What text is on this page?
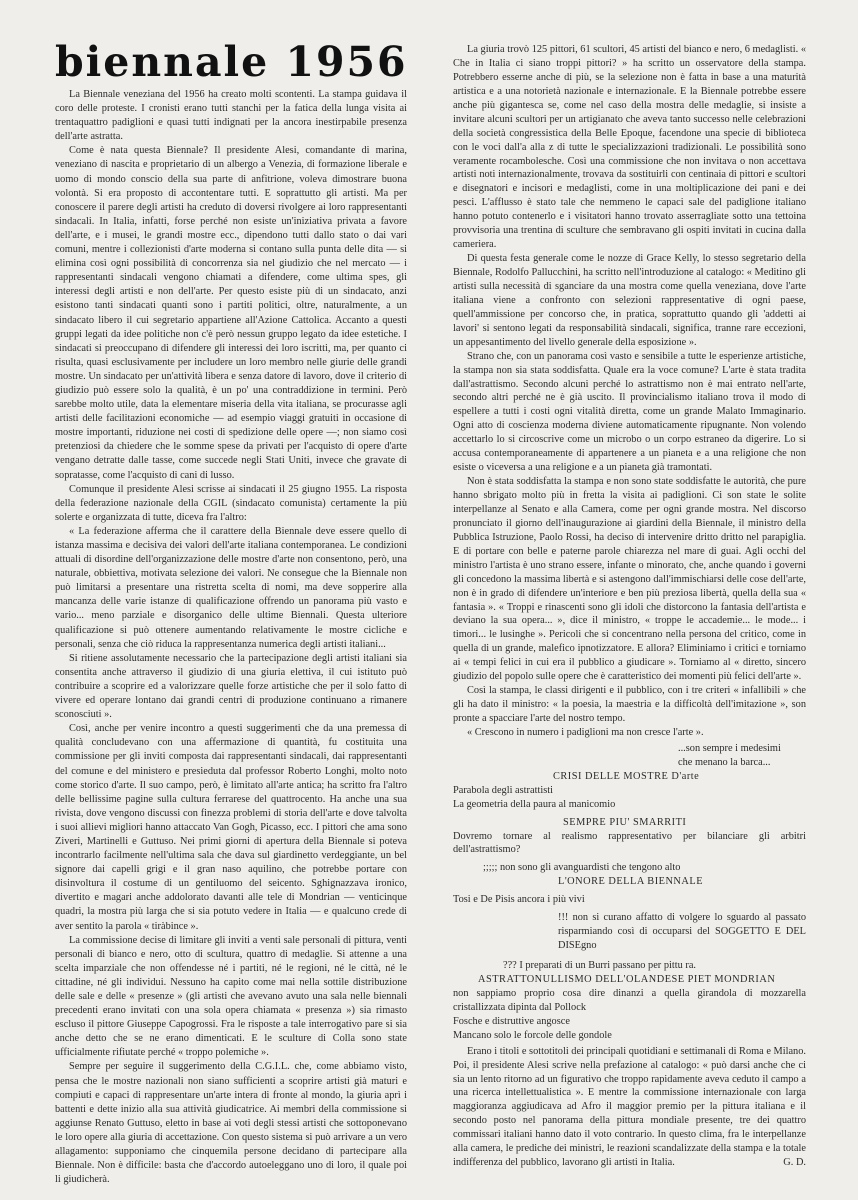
biennale 1956

La Biennale veneziana del 1956 ha creato molti scontenti. La stampa guidava il coro delle proteste. I cronisti erano tutti stanchi per la fatica della lunga visita ai trentaquattro padiglioni e quasi tutti indignati per la ancora inestirpabile presenza dell'arte astratta.

Come è nata questa Biennale? Il presidente Alesi, comandante di marina, veneziano di nascita e proprietario di un albergo a Venezia, di formazione liberale e uomo di mondo conscio della sua parte di anfitrione, voleva dimostrare buona volontà. Si era proposto di accontentare tutti. E soprattutto gli artisti. Ma per conoscere il parere degli artisti ha creduto di doversi rivolgere ai loro rappresentanti sindacali. In Italia, infatti, forse perché non esiste un'iniziativa privata a favore dell'arte, e i musei, le grandi mostre ecc., dipendono tutti dallo stato o dai vari comuni, mentre i collezionisti d'arte moderna si contano sulla punta delle dita — si elimina così ogni possibilità di concorrenza sia nel giudizio che nel mercato — i rappresentanti sindacali vengono chiamati a difendere, come ultima spes, gli interessi degli artisti e non dell'arte. Per questo esiste più di un sindacato, anzi esistono tanti sindacati quanti sono i partiti politici, oltre, naturalmente, a un sindacato libero il cui segretario appartiene all'Azione Cattolica. Accanto a questi gruppi legati da idee politiche non c'è però nessun gruppo legato da idee estetiche. I sindacati si preoccupano di difendere gli interessi dei loro iscritti, ma, per quanto ci risulta, quasi esclusivamente per includere un loro membro nelle giurie delle grandi mostre. Un sindacato per un'attività libera e senza datore di lavoro, dove il criterio di giudizio può essere solo la qualità, è un po' una contraddizione in termini. Però sarebbe molto utile, data la elementare miseria della vita italiana, se procurasse agli artisti delle facilitazioni economiche — ad esempio viaggi gratuiti in occasione di mostre importanti, riduzione nei costi di spedizione delle opere —; non siamo così pretenziosi da chiedere che le somme spese da privati per l'acquisto di opere d'arte vengano detratte dalle tasse, come succede negli Stati Uniti, invece che gravate di sopratasse, come l'acquisto di cani di lusso.

Comunque il presidente Alesi scrisse ai sindacati il 25 giugno 1955. La risposta della federazione nazionale della CGIL (sindacato comunista) certamente la più solerte e organizzata di tutte, diceva fra l'altro:

« La federazione afferma che il carattere della Biennale deve essere quello di istanza massima e decisiva dei valori dell'arte italiana contemporanea. Le condizioni attuali di disordine dell'organizzazione delle mostre d'arte non consentono, però, una naturale, obbiettiva, motivata selezione dei valori. Ne consegue che la Biennale non può limitarsi a presentare una ristretta scelta di nomi, ma deve sopperire alla mancanza delle varie istanze di qualificazione offrendo un panorama più vasto e vario... meno parziale e disorganico delle ultime Biennali. Questa ulteriore qualificazione si può ottenere aumentando relativamente le mostre cicliche e personali, senza che ciò riduca la rappresentanza numerica degli artisti italiani...

Si ritiene assolutamente necessario che la partecipazione degli artisti italiani sia consentita anche attraverso il giudizio di una giuria elettiva, il cui istituto può contribuire a scoprire ed a valorizzare quelle forze artistiche che per il solo fatto di vivere ed operare lontano dai grandi centri di produzione continuano a rimanere sconosciuti ».

Così, anche per venire incontro a questi suggerimenti che da una premessa di qualità concludevano con una affermazione di quantità, fu costituita una commissione per gli inviti composta dai rappresentanti sindacali, dai rappresentanti del comune e del ministero e presieduta dal professor Roberto Longhi, molto noto come storico d'arte. Il suo campo, però, è limitato all'arte antica; ha scritto fra l'altro delle bellissime pagine sulla cultura ferrarese del quattrocento. Ha anche una sua rivista, dove vengono discussi con finezza problemi di storia dell'arte e dove talvolta i suoi allievi migliori hanno attaccato Van Gogh, Picasso, ecc. I pittori che ama sono Ziveri, Martinelli e Guttuso. Nei primi giorni di apertura della Biennale si poteva incontrarlo facilmente nell'ultima sala che dava sul giardinetto verdeggiante, un bel signore dai capelli grigi e il gran naso aquilino, che potrebbe portare con disinvoltura il costume di un gentiluomo del seicento. Sghignazzava ironico, divertito e magari anche addolorato davanti alle tele di Mondrian — venticinque quadri, la mostra più larga che si sia potuto vedere in Italia — e qualcuno crede di aver sentito la parola « tiràbince ».

La commissione decise di limitare gli inviti a venti sale personali di pittura, venti personali di bianco e nero, otto di scultura, quattro di medaglie. Si attenne a una scelta imparziale che non offendesse né i partiti, né le regioni, né le città, né le cittadine, né gli individui. Nessuno ha capito come mai nella sottile distribuzione delle sale e delle « presenze » (gli artisti che avevano avuto una sala nelle biennali precedenti erano invitati con una sola opera chiamata « presenza ») sia rimasto escluso il pittore Giuseppe Capogrossi. Fra le risposte a tale interrogativo pare si sia anche detto che se ne erano dimenticati. E le sculture di Colla sono state ufficialmente rifiutate perché « troppo polemiche ».

Sempre per seguire il suggerimento della C.G.I.L. che, come abbiamo visto, pensa che le mostre nazionali non siano sufficienti a scoprire artisti già maturi e compiuti e capaci di rappresentare un'arte intera di fronte al mondo, la giuria aprì i battenti e dette inizio alla sua attività giudicatrice. Ai membri della commissione si aggiunse Renato Guttuso, eletto in base ai voti degli stessi artisti che sottoponevano le loro opere alla giuria di accettazione. Con questo sistema si può arrivare a un vero allagamento: supponiamo che cinquemila persone decidano di partecipare alla Biennale. Non è difficile: basta che d'accordo autoeleggano uno di loro, il quale poi li giudicherà.

La giuria trovò 125 pittori, 61 scultori, 45 artisti del bianco e nero, 6 medaglisti. « Che in Italia ci siano troppi pittori? » ha scritto un osservatore della stampa. Potrebbero esserne anche di più, se la selezione non è fatta in base a una maturità artistica e a una notorietà nazionale e internazionale. E la Biennale potrebbe essere anche più gigantesca se, come nel caso della mostra delle medaglie, si insiste a invitare alcuni scultori per un artigianato che aveva tanto successo nelle celebrazioni della società congressistica della Belle Epoque, facendone una specie di biblioteca con le voci dall'a alla z di tutte le specializzazioni tradizionali. Le possibilità sono veramente rocambolesche. Così una commissione che non invitava o non accettava artisti noti internazionalmente, trovava da sostituirli con centinaia di pittori e scultori e disegnatori e incisori e medaglisti, come in una moltiplicazione dei pani e dei pesci. L'afflusso è stato tale che nemmeno le capaci sale del padiglione italiano hanno potuto contenerlo e i visitatori hanno trovato asserragliate sotto una tettoina provvisoria una trentina di sculture che sembravano gli ospiti invitati in cucina dalla cameriera.

Di questa festa generale come le nozze di Grace Kelly, lo stesso segretario della Biennale, Rodolfo Pallucchini, ha scritto nell'introduzione al catalogo: « Meditino gli artisti sulla necessità di sganciare da una mostra come quella veneziana, dove l'arte italiana viene a confronto con selezioni rappresentative di ogni paese, quell'ammissione per concorso che, in pratica, soprattutto quando gli 'addetti ai lavori' si sentono legati da responsabilità sindacali, significa, tranne rare eccezioni, un appesantimento del livello generale della esposizione ».

Strano che, con un panorama così vasto e sensibile a tutte le esperienze artistiche, la stampa non sia stata soddisfatta. Quale era la voce comune? L'arte è stata tradita dall'astrattismo. Secondo alcuni perché lo astrattismo non è mai entrato nell'arte, secondo altri perché ne è già uscito. Il provincialismo italiano trova il modo di espellere a tutti i costi ogni vitalità diretta, come un grande Malato Immaginario. Ogni atto di coscienza moderna diviene automaticamente ripugnante. Non volendo accettarlo lo si circoscrive come un microbo o un corpo estraneo da digerire. Lo si accusa contemporaneamente di appartenere a un pianeta e a una religione che non esiste o viceversa a una religione e a un pianeta già tramontati.

Non è stata soddisfatta la stampa e non sono state soddisfatte le autorità, che pure hanno sbrigato molto più in fretta la visita ai padiglioni. Ci son state le solite interpellanze al Senato e alla Camera, come per ogni grande mostra. Nel discorso pronunciato il giorno dell'inaugurazione ai giardini della Biennale, il ministro della Pubblica Istruzione, Paolo Rossi, ha deciso di intervenire dritto dritto nel parapiglia. E di portare con belle e paterne parole chiarezza nel mare di guai. Agli occhi del ministro l'artista è uno strano essere, infante o minorato, che, anche quando i governi gli concedono la massima libertà e si astengono dall'immischiarsi delle cose dell'arte, non è in grado di difendere un'interiore e ben più preziosa libertà, quella della sua « fantasia ». « Troppi e rinascenti sono gli idoli che distorcono la fantasia dell'artista e deviano la sua opera... », dice il ministro, « troppe le accademie... le mode... i timori... le lusinghe ». Pericoli che si concentrano nella persona del critico, come in quella di un grande, malefico ipnotizzatore. E allora? Eliminiamo i critici e torniamo ai « tempi felici in cui era il pubblico a giudicare ». Torniamo al « diretto, sincero giudizio del popolo sulle opere che è caratteristico dei momenti più felici dell'arte ».

Così la stampa, le classi dirigenti e il pubblico, con i tre criteri « infallibili » che gli ha dato il ministro: « la poesia, la maestria e la difficoltà dell'imitazione », son pronte a spacciare l'arte del nostro tempo.

« Crescono in numero i padiglioni ma non cresce l'arte ».

...son sempre i medesimi

che menano la barca...

CRISI DELLE MOSTRE D'arte

Parabola degli astrattisti

La geometria della paura al manicomio

SEMPRE PIU' SMARRITI

Dovremo tornare al realismo rappresentativo per bilanciare gli arbitri dell'astrattismo?

;;;;; non sono gli avanguardisti che tengono alto

L'ONORE DELLA BIENNALE

Tosi e De Pisis ancora i più vivi

!!! non si curano affatto di volgere lo sguardo al passato risparmiando così di occuparsi del SOGGETTO E DEL DISEgno

??? I preparati di un Burri passano per pittu ra.

ASTRATTONULLISMO DELL'OLANDESE PIET MONDRIAN

non sappiamo proprio cosa dire dinanzi a quella girandola di mozzarella cristallizzata dipinta dal Pollock

Fosche e distruttive angosce

Mancano solo le forcole delle gondole

Erano i titoli e sottotitoli dei principali quotidiani e settimanali di Roma e Milano. Poi, il presidente Alesi scrive nella prefazione al catalogo: « può darsi anche che ci sia un lento ritorno ad un figurativo che troppo rapidamente aveva ceduto il campo a una ricerca intellettualistica ». E mentre la commissione internazionale con larga maggioranza aggiudicava ad Afro il maggior premio per la pittura italiana e il secondo posto nel panorama della pittura mondiale presente, tre dei quattro commissari italiani hanno dato il voto contrario. In questo clima, fra le interpellanze alla camera, le prediche dei ministri, le reazioni scandalizzate della stampa e la totale indifferenza del pubblico, lavorano gli artisti in Italia.	G. D.
